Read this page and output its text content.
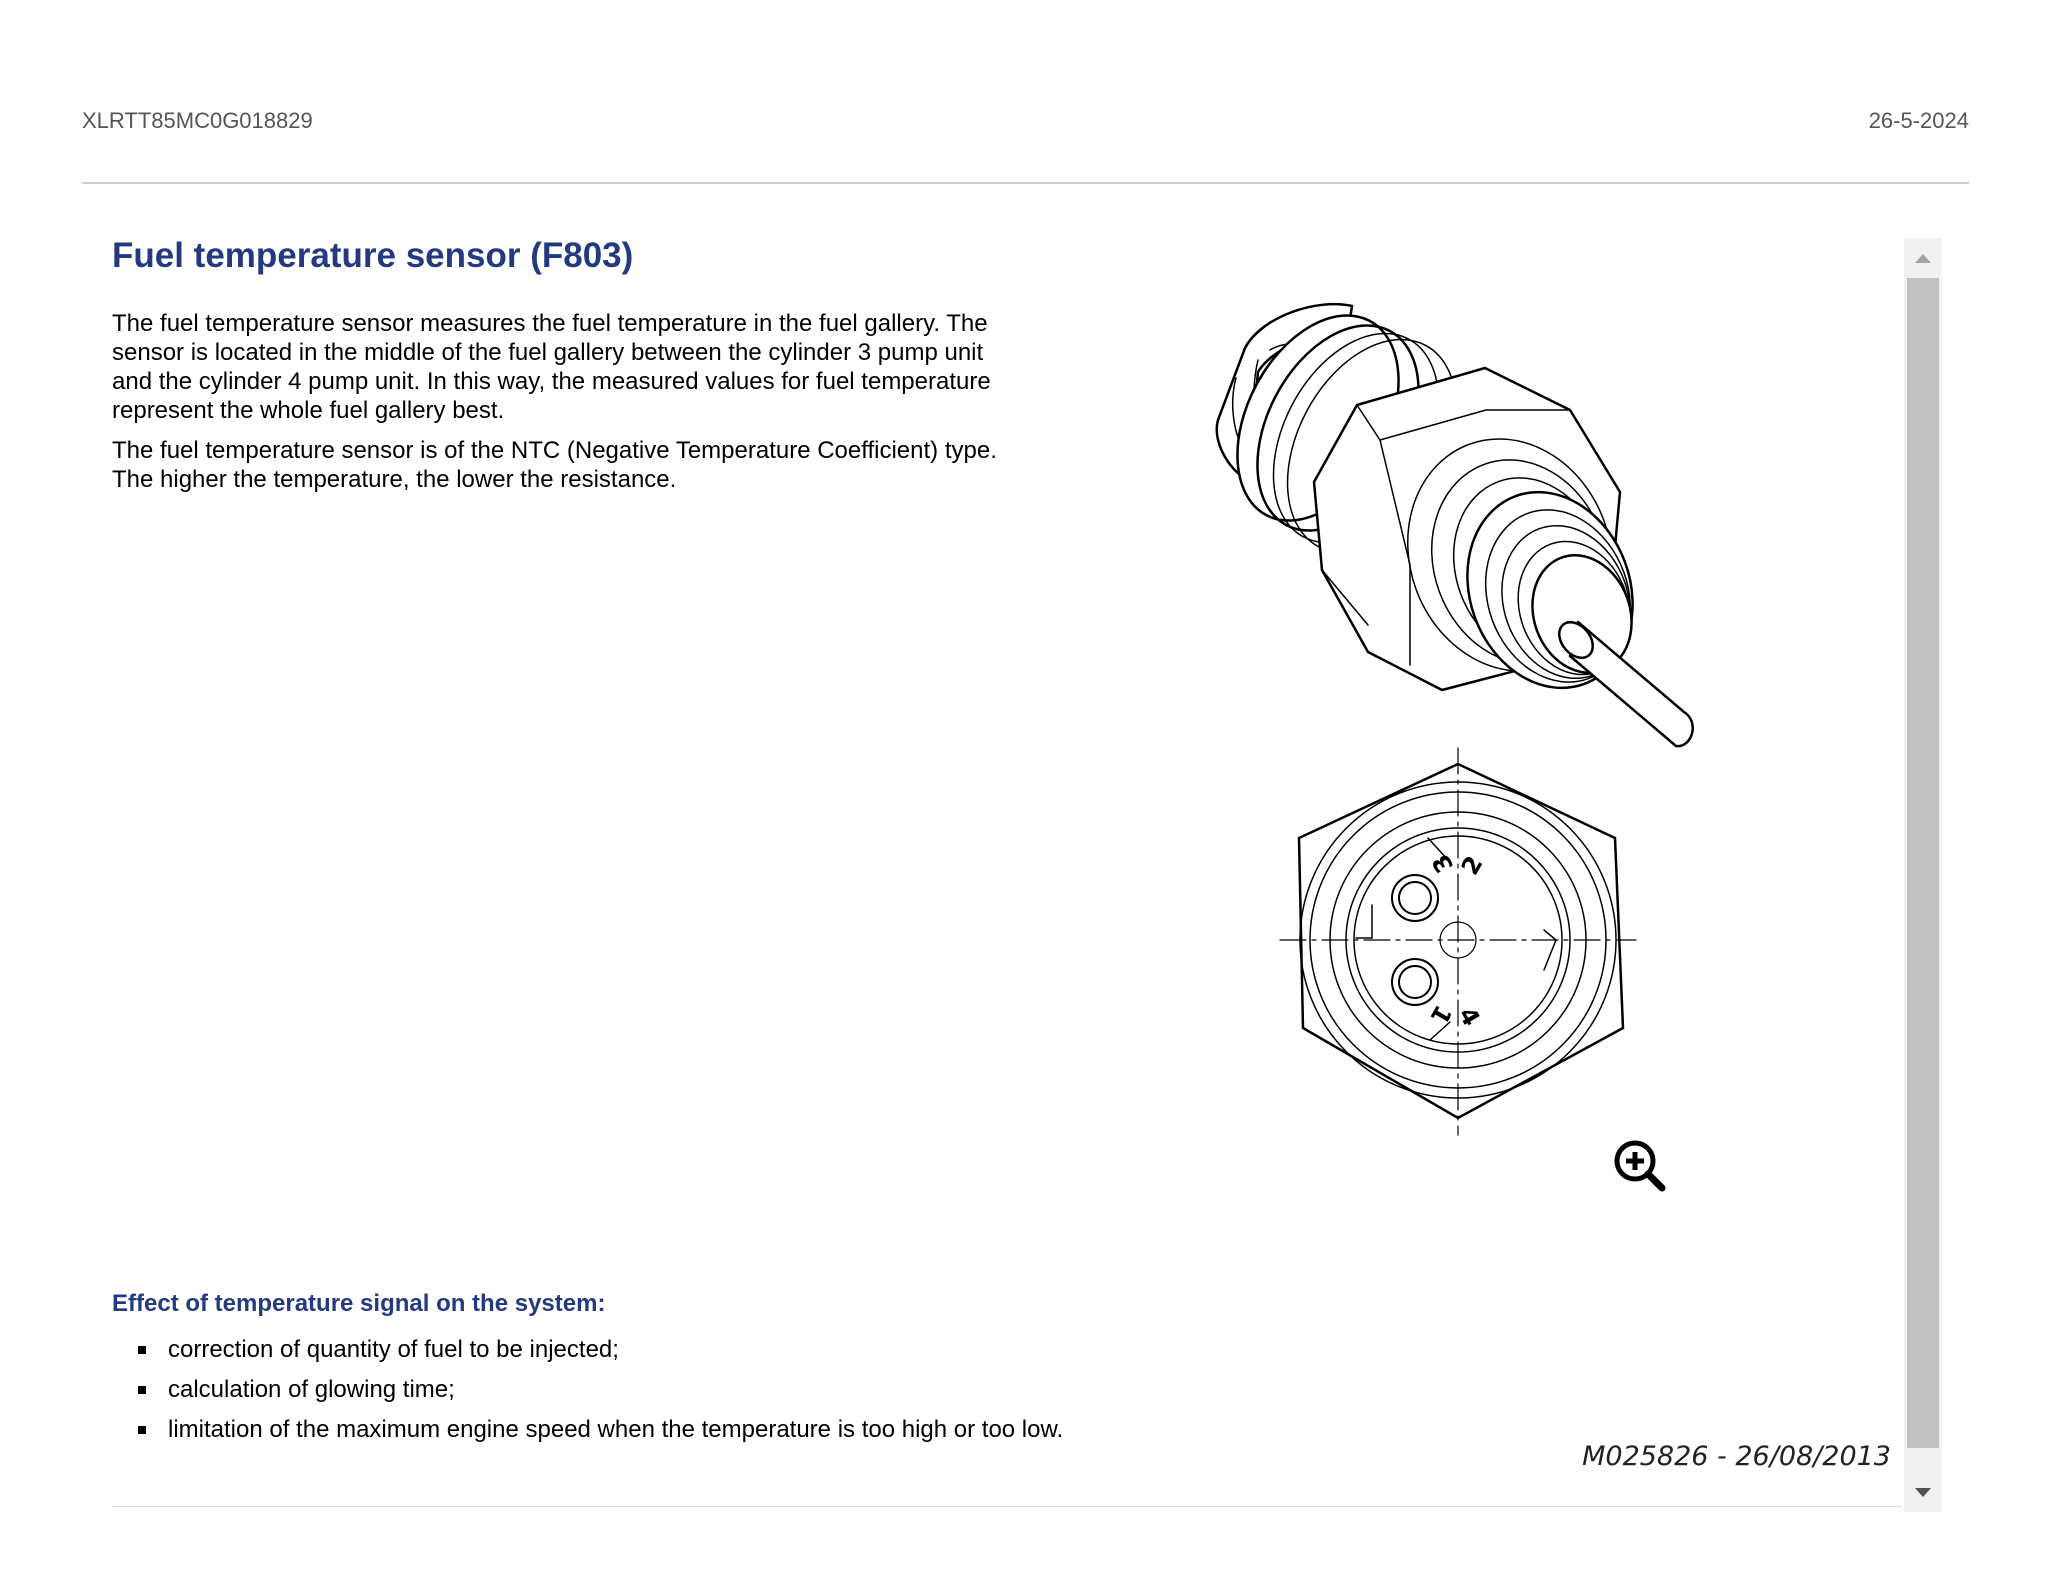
XLRTT85MC0G018829	26-5-2024
Fuel temperature sensor (F803)

The fuel temperature sensor measures the fuel temperature in the fuel gallery. The sensor is located in the middle of the fuel gallery between the cylinder 3 pump unit and the cylinder 4 pump unit. In this way, the measured values for fuel temperature represent the whole fuel gallery best.

The fuel temperature sensor is of the NTC (Negative Temperature Coefficient) type. The higher the temperature, the lower the resistance.

3
2
1
4
Effect of temperature signal on the system:
correction of quantity of fuel to be injected;
calculation of glowing time;
limitation of the maximum engine speed when the temperature is too high or too low.
M025826 - 26/08/2013
